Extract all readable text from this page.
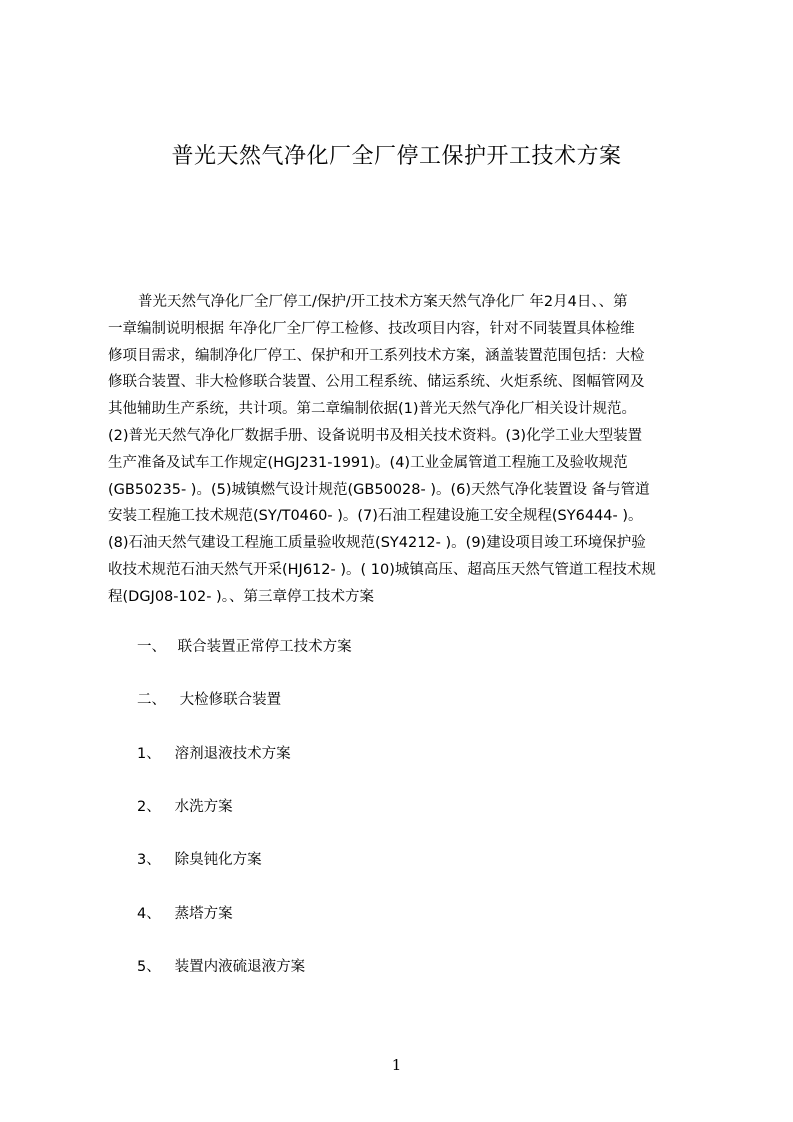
普光天然气净化厂全厂停工保护开工技术方案
普光天然气净化厂全厂停工/保护/开工技术方案天然气净化厂 年2月4日、、第
一章编制说明根据 年净化厂全厂停工检修、技改项目内容，针对不同装置具体检维
修项目需求，编制净化厂停工、保护和开工系列技术方案，涵盖装置范围包括：大检
修联合装置、非大检修联合装置、公用工程系统、储运系统、火炬系统、图幅管网及
其他辅助生产系统，共计项。第二章编制依据(1)普光天然气净化厂相关设计规范。
(2)普光天然气净化厂数据手册、设备说明书及相关技术资料。(3)化学工业大型装置
生产准备及试车工作规定(HGJ231-1991)。(4)工业金属管道工程施工及验收规范
(GB50235- )。(5)城镇燃气设计规范(GB50028- )。(6)天然气净化装置设 备与管道
安装工程施工技术规范(SY/T0460- )。(7)石油工程建设施工安全规程(SY6444- )。
(8)石油天然气建设工程施工质量验收规范(SY4212- )。(9)建设项目竣工环境保护验
收技术规范石油天然气开采(HJ612- )。( 10)城镇高压、超高压天然气管道工程技术规
程(DGJ08-102- )。、第三章停工技术方案
一、 联合装置正常停工技术方案
二、 大检修联合装置
1、 溶剂退液技术方案
2、 水洗方案
3、 除臭钝化方案
4、 蒸塔方案
5、 装置内液硫退液方案
1
